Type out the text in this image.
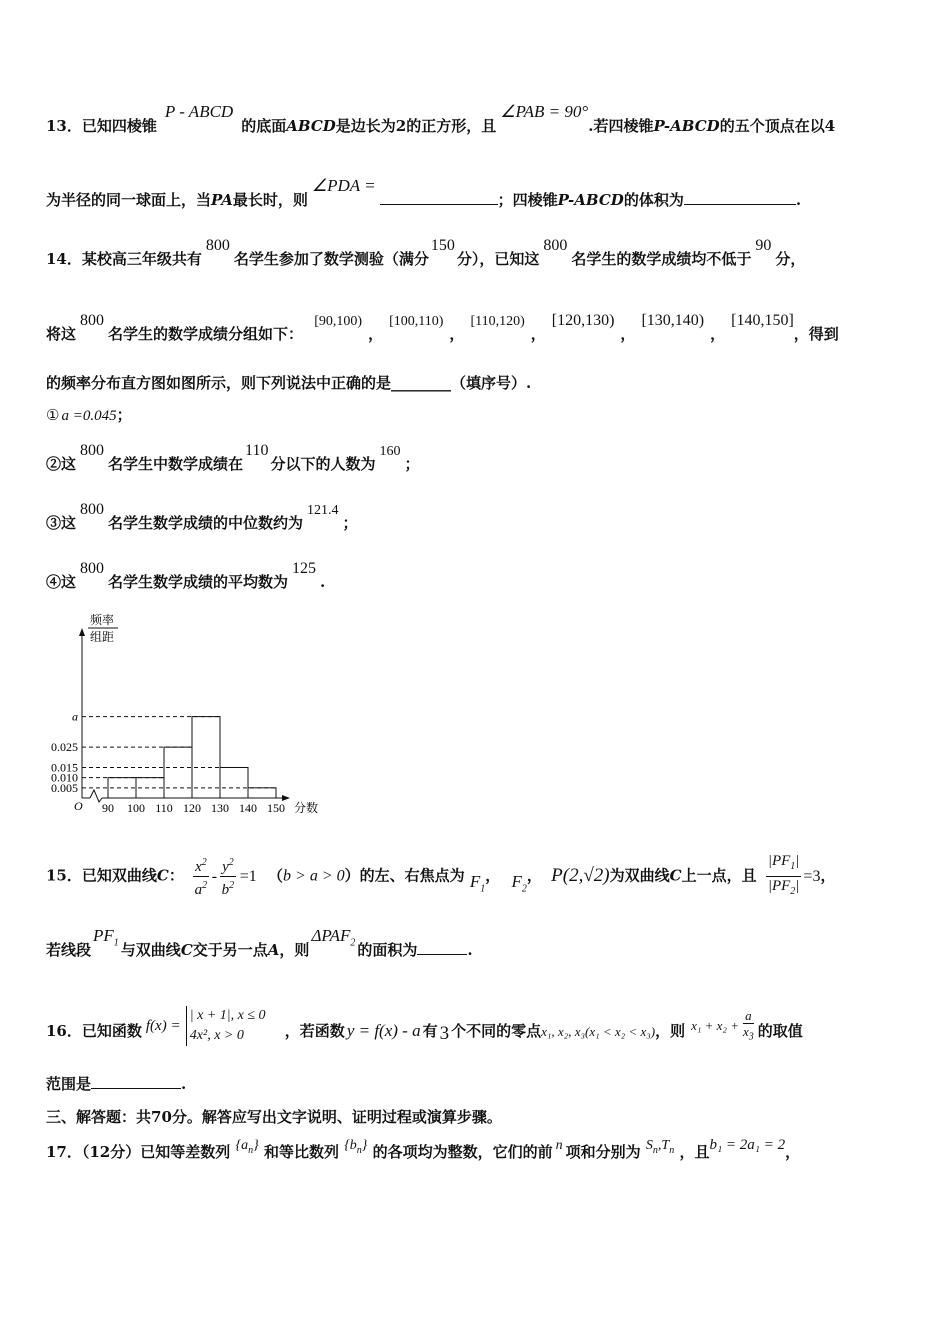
13．已知四棱锥P - ABCD的底面ABCD是边长为2的正方形，且∠PAB = 90°.若四棱锥P-ABCD的五个顶点在以4
为半径的同一球面上，当PA最长时，则∠PDA =；四棱锥P-ABCD的体积为	.
14．某校高三年级共有800名学生参加了数学测验（满分150分），已知这800名学生的数学成绩均不低于90分，
将这800名学生的数学成绩分组如下： [90,100)，[100,110)，[110,120)，[120,130)，[130,140)，[140,150]，得到
的频率分布直方图如图所示，则下列说法中正确的是________（填序号）.
① a =0.045；
②这800名学生中数学成绩在110分以下的人数为160；
③这800名学生数学成绩的中位数约为121.4；
④这800名学生数学成绩的平均数为125.
O
a
0.025
0.015
0.010
0.005
90 100 110 120 130 140 150 分数
频率
组距
15．已知双曲线C： $\frac{x^2}{a^2} - \frac{y^2}{b^2} =1$ （b > a > 0）的左、右焦点为 $F_1$， $F_2$， P(2,√2)为双曲线C上一点，且 $\frac{|PF_1|}{|PF_2|} =3$，
若线段$PF_1$ 与双曲线C交于另一点A，则$\Delta PAF_2$ 的面积为	.
16．已知函数 f(x) =
| x + 1|, x ≤ 0
4x², x > 0	，若函数 y = f(x) - a 有 3 个不同的零点x₁, x₂, x₃(x₁ < x₂ < x₃)，则 $x_1 + x_2 + \frac{a}{x_3}$ 的取值
范围是	.
三、解答题：共70分。解答应写出文字说明、证明过程或演算步骤。
17．（12分）已知等差数列 $\{a_n\}$ 和等比数列 $\{b_n\}$ 的各项均为整数，它们的前 n 项和分别为 $S_n,T_n$ ，且b₁ = 2a₁ = 2，
